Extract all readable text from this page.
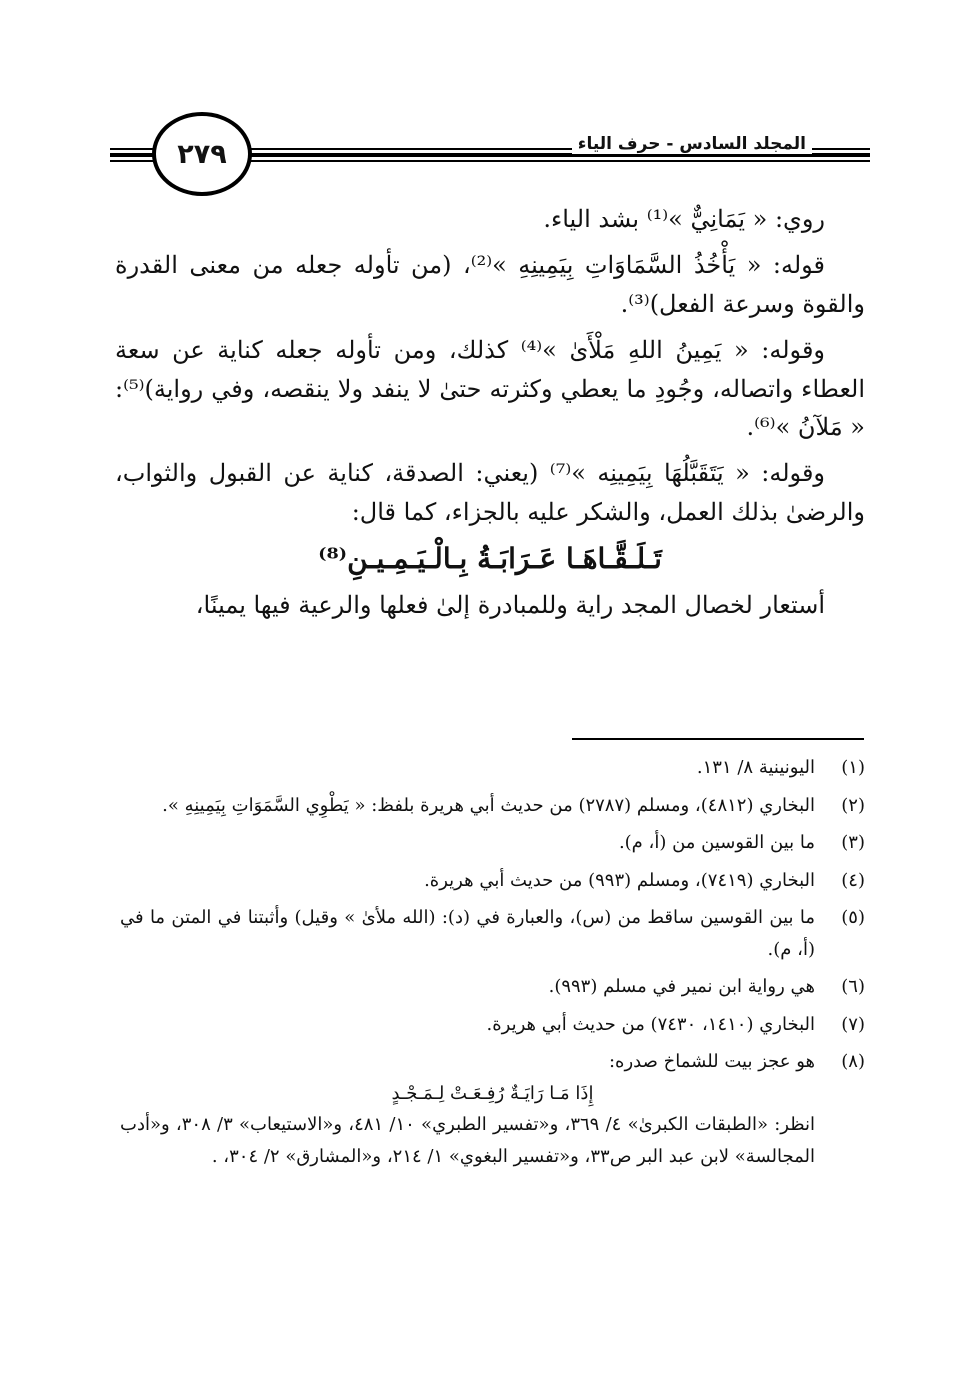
المجلد السادس - حرف الياء
٢٧٩

روي: « يَمَانِيٌّ »⁽¹⁾ بشد الياء.

قوله: « يَأْخُذُ السَّمَاوَاتِ بِيَمِينِهِ »⁽²⁾، (من تأوله جعله من معنى القدرة والقوة وسرعة الفعل)⁽³⁾.

وقوله: « يَمِينُ اللهِ مَلْأَىٰ »⁽⁴⁾ كذلك، ومن تأوله جعله كناية عن سعة العطاء واتصاله، وجُودِ ما يعطي وكثرته حتىٰ لا ينفد ولا ينقصه، وفي رواية)⁽⁵⁾: « مَلآنُ »⁽⁶⁾.

وقوله: « يَتَقَبَّلُهَا بِيَمِينِه »⁽⁷⁾ (يعني: الصدقة، كناية عن القبول والثواب، والرضىٰ بذلك العمل، والشكر عليه بالجزاء، كما قال:

تَـلَـقَّـاهَـا عَـرَابَـةُ بِـالْـيَـمِـيـنِ⁽⁸⁾

أستعار لخصال المجد راية وللمبادرة إلىٰ فعلها والرعية فيها يمينًا،

(١)
اليونينية ٨/ ١٣١.
(٢)
البخاري (٤٨١٢)، ومسلم (٢٧٨٧) من حديث أبي هريرة بلفظ: « يَطْوِي السَّمَوَاتِ بِيَمِينِهِ ».
(٣)
ما بين القوسين من (أ، م).
(٤)
البخاري (٧٤١٩)، ومسلم (٩٩٣) من حديث أبي هريرة.
(٥)
ما بين القوسين ساقط من (س)، والعبارة في (د): (الله ملأىٰ » وقيل) وأثبتنا في المتن ما في (أ، م).
(٦)
هي رواية ابن نمير في مسلم (٩٩٣).
(٧)
البخاري (١٤١٠، ٧٤٣٠) من حديث أبي هريرة.
(٨)
هو عجز بيت للشماخ صدره:
إِذَا مَـا رَايَـةٌ رُفِـعَـتْ لِـمَـجْـدٍ
انظر: «الطبقات الكبرىٰ» ٤/ ٣٦٩، و«تفسير الطبري» ١٠/ ٤٨١، و«الاستيعاب» ٣/ ٣٠٨، و«أدب المجالسة» لابن عبد البر ص٣٣، و«تفسير البغوي» ١/ ٢١٤، و«المشارق» ٢/ ٣٠٤، .
